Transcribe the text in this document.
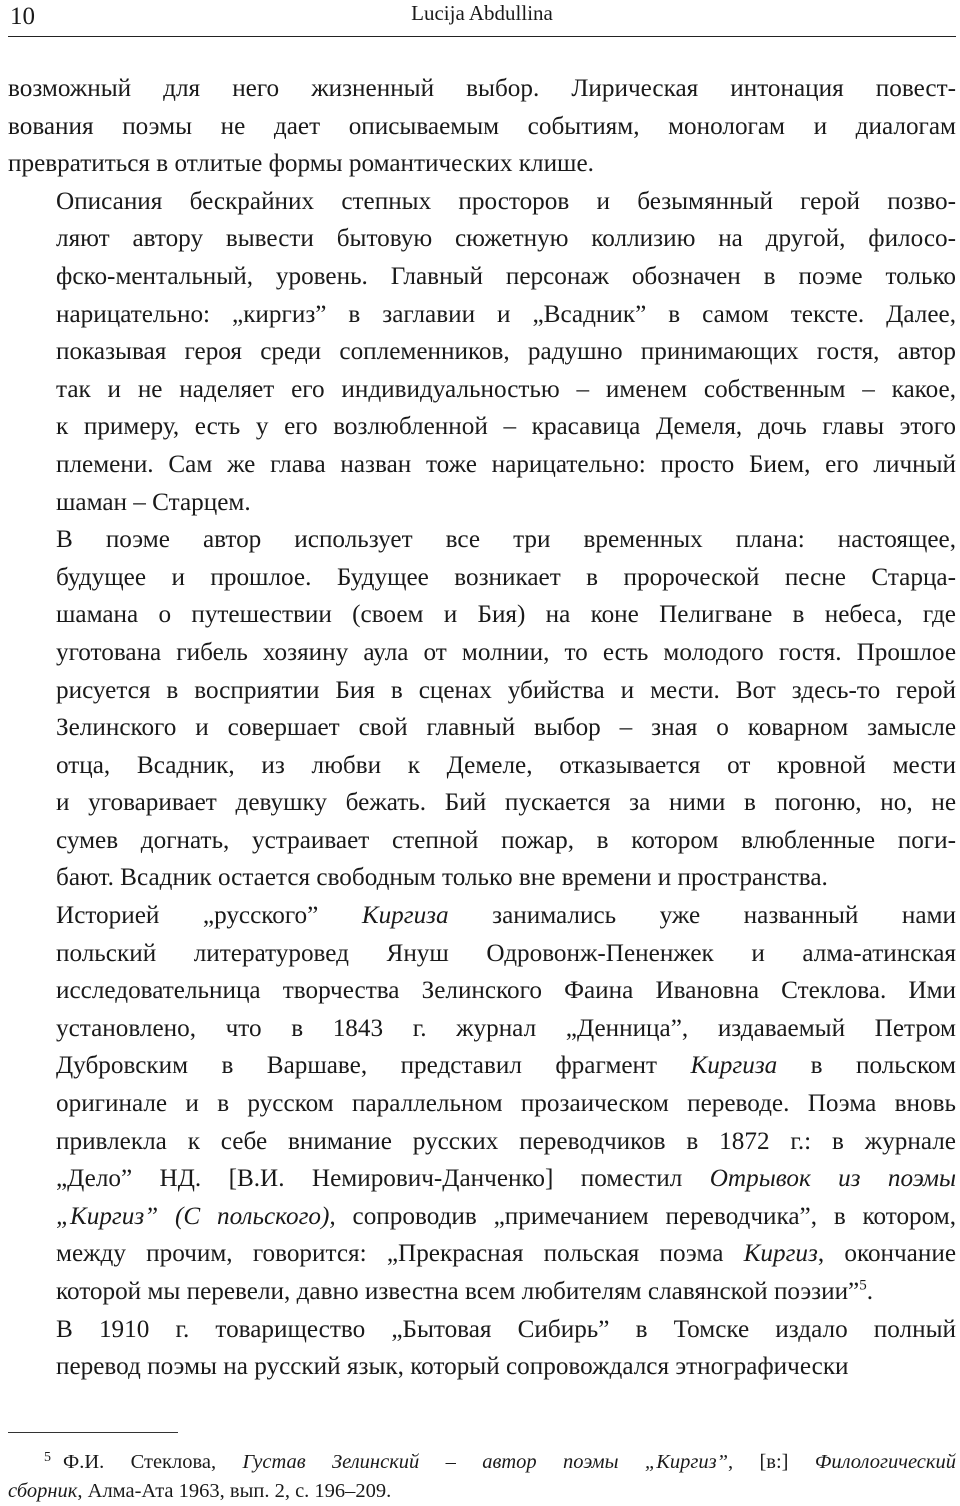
10	Lucija Abdullina
возможный для него жизненный выбор. Лирическая интонация повест-
вования поэмы не дает описываемым событиям, монологам и диалогам
превратиться в отлитые формы романтических клише.
Описания бескрайних степных просторов и безымянный герой позво-
ляют автору вывести бытовую сюжетную коллизию на другой, филосо-
фско-ментальный, уровень. Главный персонаж обозначен в поэме только
нарицательно: „киргиз” в заглавии и „Всадник” в самом тексте. Далее,
показывая героя среди соплеменников, радушно принимающих гостя, автор
так и не наделяет его индивидуальностью – именем собственным – какое,
к примеру, есть у его возлюбленной – красавица Демеля, дочь главы этого
племени. Сам же глава назван тоже нарицательно: просто Бием, его личный
шаман – Старцем.
В поэме автор использует все три временных плана: настоящее,
будущее и прошлое. Будущее возникает в пророческой песне Старца-
шамана о путешествии (своем и Бия) на коне Пелигване в небеса, где
уготована гибель хозяину аула от молнии, то есть молодого гостя. Прошлое
рисуется в восприятии Бия в сценах убийства и мести. Вот здесь-то герой
Зелинского и совершает свой главный выбор – зная о коварном замысле
отца, Всадник, из любви к Демеле, отказывается от кровной мести
и уговаривает девушку бежать. Бий пускается за ними в погоню, но, не
сумев догнать, устраивает степной пожар, в котором влюбленные поги-
бают. Всадник остается свободным только вне времени и пространства.
Историей „русского” Киргиза занимались уже названный нами
польский литературовед Януш Одровонж-Пененжек и алма-атинская
исследовательница творчества Зелинского Фаина Ивановна Стеклова. Ими
установлено, что в 1843 г. журнал „Денница”, издаваемый Петром
Дубровским в Варшаве, представил фрагмент Киргиза в польском
оригинале и в русском параллельном прозаическом переводе. Поэма вновь
привлекла к себе внимание русских переводчиков в 1872 г.: в журнале
„Дело” НД. [В.И. Немирович-Данченко] поместил Отрывок из поэмы
„Киргиз” (С польского), сопроводив „примечанием переводчика”, в котором,
между прочим, говорится: „Прекрасная польская поэма Киргиз, окончание
которой мы перевели, давно известна всем любителям славянской поэзии”$^5$.
В 1910 г. товарищество „Бытовая Сибирь” в Томске издало полный
перевод поэмы на русский язык, который сопровождался этнографически
$^5$ Ф.И. Стеклова, Густав Зелинский – автор поэмы „Киргиз”, [в:] Филологический
сборник, Алма-Ата 1963, вып. 2, с. 196–209.
